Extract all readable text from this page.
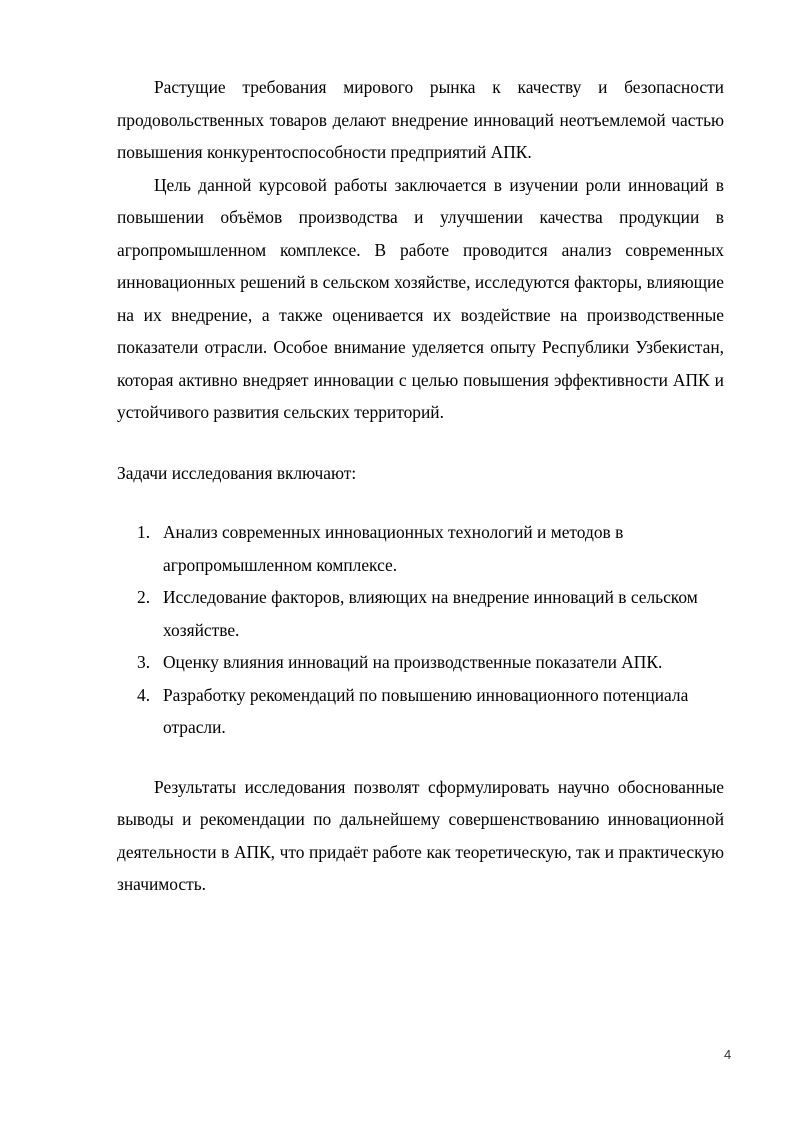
Растущие требования мирового рынка к качеству и безопасности продовольственных товаров делают внедрение инноваций неотъемлемой частью повышения конкурентоспособности предприятий АПК.

Цель данной курсовой работы заключается в изучении роли инноваций в повышении объёмов производства и улучшении качества продукции в агропромышленном комплексе. В работе проводится анализ современных инновационных решений в сельском хозяйстве, исследуются факторы, влияющие на их внедрение, а также оценивается их воздействие на производственные показатели отрасли. Особое внимание уделяется опыту Республики Узбекистан, которая активно внедряет инновации с целью повышения эффективности АПК и устойчивого развития сельских территорий.

Задачи исследования включают:

1. Анализ современных инновационных технологий и методов в агропромышленном комплексе.
2. Исследование факторов, влияющих на внедрение инноваций в сельском хозяйстве.
3. Оценку влияния инноваций на производственные показатели АПК.
4. Разработку рекомендаций по повышению инновационного потенциала отрасли.

Результаты исследования позволят сформулировать научно обоснованные выводы и рекомендации по дальнейшему совершенствованию инновационной деятельности в АПК, что придаёт работе как теоретическую, так и практическую значимость.

4
